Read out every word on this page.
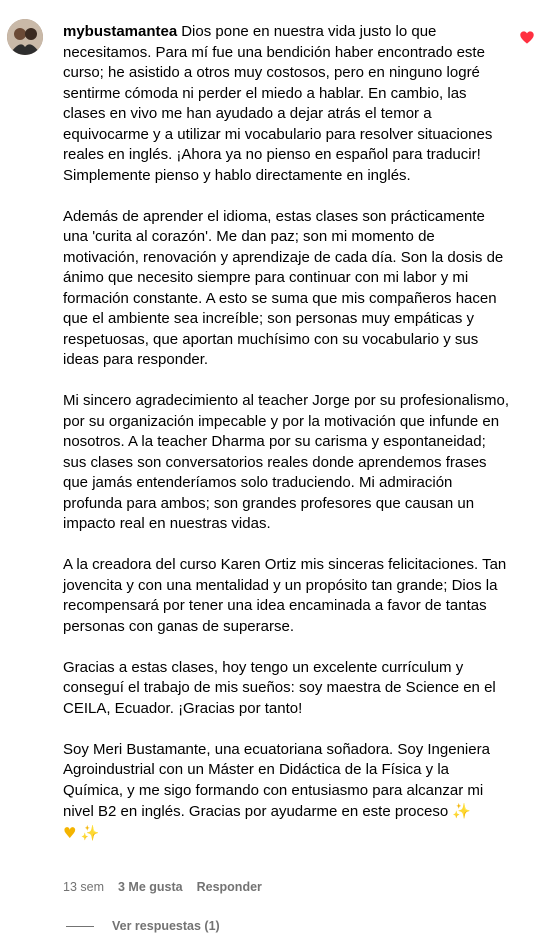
mybustamantea Dios pone en nuestra vida justo lo que necesitamos. Para mí fue una bendición haber encontrado este curso; he asistido a otros muy costosos, pero en ninguno logré sentirme cómoda ni perder el miedo a hablar. En cambio, las clases en vivo me han ayudado a dejar atrás el temor a equivocarme y a utilizar mi vocabulario para resolver situaciones reales en inglés. ¡Ahora ya no pienso en español para traducir! Simplemente pienso y hablo directamente en inglés.

Además de aprender el idioma, estas clases son prácticamente una 'curita al corazón'. Me dan paz; son mi momento de motivación, renovación y aprendizaje de cada día. Son la dosis de ánimo que necesito siempre para continuar con mi labor y mi formación constante. A esto se suma que mis compañeros hacen que el ambiente sea increíble; son personas muy empáticas y respetuosas, que aportan muchísimo con su vocabulario y sus ideas para responder.

Mi sincero agradecimiento al teacher Jorge por su profesionalismo, por su organización impecable y por la motivación que infunde en nosotros. A la teacher Dharma por su carisma y espontaneidad; sus clases son conversatorios reales donde aprendemos frases que jamás entenderíamos solo traduciendo. Mi admiración profunda para ambos; son grandes profesores que causan un impacto real en nuestras vidas.

A la creadora del curso Karen Ortiz mis sinceras felicitaciones. Tan jovencita y con una mentalidad y un propósito tan grande; Dios la recompensará por tener una idea encaminada a favor de tantas personas con ganas de superarse.

Gracias a estas clases, hoy tengo un excelente currículum y conseguí el trabajo de mis sueños: soy maestra de Science en el CEILA, Ecuador. ¡Gracias por tanto!

Soy Meri Bustamante, una ecuatoriana soñadora. Soy Ingeniera Agroindustrial con un Máster en Didáctica de la Física y la Química, y me sigo formando con entusiasmo para alcanzar mi nivel B2 en inglés. Gracias por ayudarme en este proceso ✨
♥ ✨

13 sem 3 Me gusta Responder
Ver respuestas (1)
